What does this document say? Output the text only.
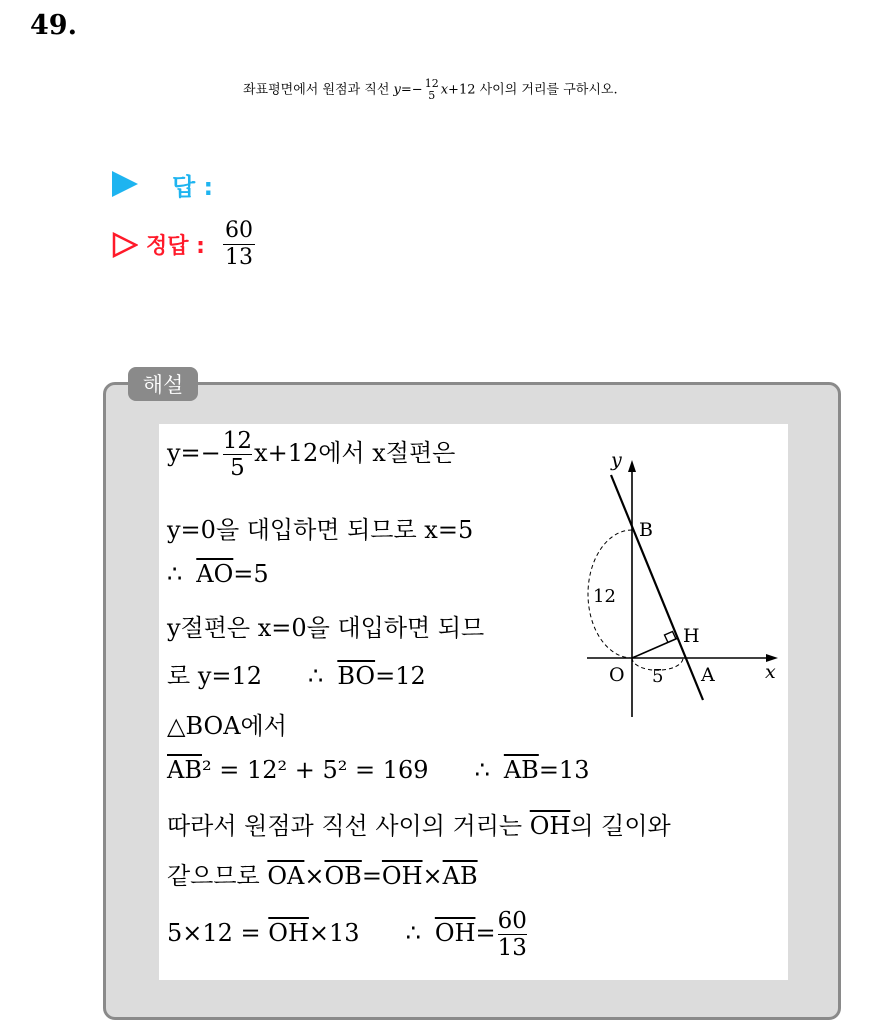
49.
좌표평면에서 원점과 직선 y=− 12
5 x+12 사이의 거리를 구하시오.
답 :
정답 : $\frac{60}{13}$
해설
$y=- \frac{12}{5} x+12$에서 x절편은
y=0을 대입하면 되므로 x=5
∴ $\overline{AO}=5$
y절편은 x=0을 대입하면 되므
로 y=12 ∴ $\overline{BO}=12$
△BOA에서
$\overline{AB}^2 = 12^2 + 5^2 = 169$ ∴ $\overline{AB}=13$
따라서 원점과 직선 사이의 거리는 $\overline{OH}$의 길이와
같으므로 $\overline{OA}\times\overline{OB}=\overline{OH}\times\overline{AB}$
$5\times 12 = \overline{OH}\times 13$ ∴ $\overline{OH}= \frac{60}{13}$
y
x
B
H
O	A
12
5
